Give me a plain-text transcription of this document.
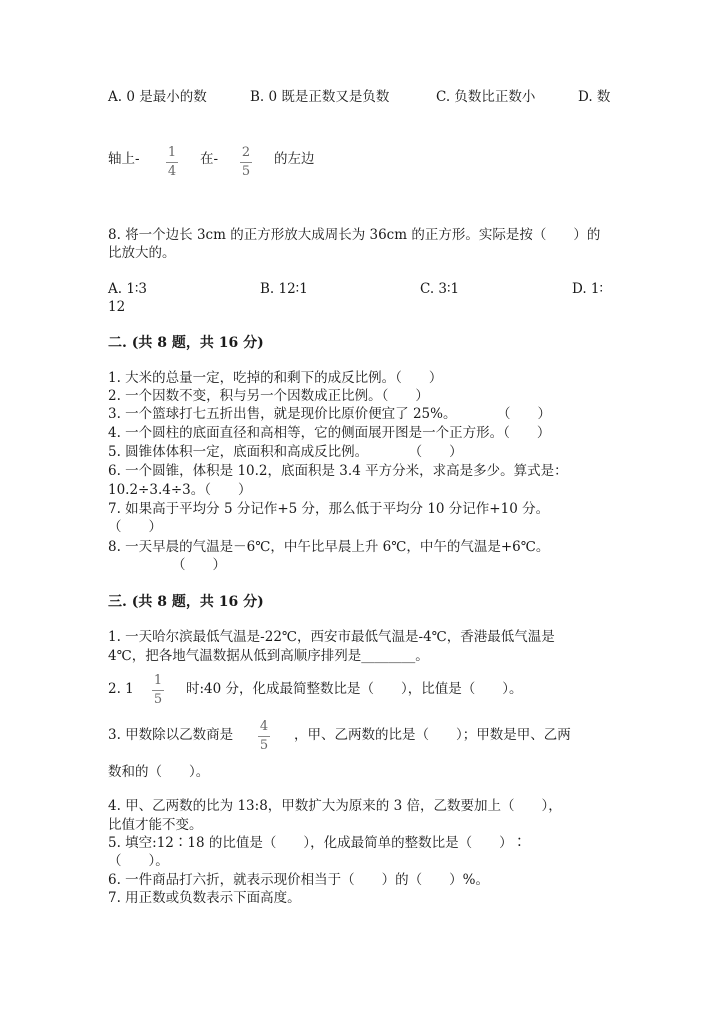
A. 0 是最小的数	B. 0 既是正数又是负数	C. 负数比正数小	D. 数
轴上- 1
4
在- 2
5
的左边
8. 将一个边长 3cm 的正方形放大成周长为 36cm 的正方形。实际是按（　　）的
比放大的。
A. 1∶3	B. 12∶1	C. 3∶1	D. 1∶
12
二. (共 8 题，共 16 分)
1. 大米的总量一定，吃掉的和剩下的成反比例。（　　）
2. 一个因数不变，积与另一个因数成正比例。（　　）
3. 一个篮球打七五折出售，就是现价比原价便宜了 25%。　　　　（　　）
4. 一个圆柱的底面直径和高相等，它的侧面展开图是一个正方形。（　　）
5. 圆锥体体积一定，底面积和高成反比例。　　　　（　　）
6. 一个圆锥，体积是 10.2，底面积是 3.4 平方分米，求高是多少。算式是：
10.2÷3.4÷3。（　　）
7. 如果高于平均分 5 分记作+5 分，那么低于平均分 10 分记作+10 分。
（　　）
8. 一天早晨的气温是－6℃，中午比早晨上升 6℃，中午的气温是+6℃。
（　　）
三. (共 8 题，共 16 分)
1. 一天哈尔滨最低气温是-22℃，西安市最低气温是-4℃，香港最低气温是
4℃，把各地气温数据从低到高顺序排列是________。
2. 1
1
5
时:40 分，化成最简整数比是（　　），比值是（　　）。
3. 甲数除以乙数商是
4
5
，甲、乙两数的比是（　　）；甲数是甲、乙两
数和的（　　）。
4. 甲、乙两数的比为 13:8，甲数扩大为原来的 3 倍，乙数要加上（　　），
比值才能不变。
5. 填空:12∶18 的比值是（　　），化成最简单的整数比是（　　）∶
（　　）。
6. 一件商品打六折，就表示现价相当于（　　）的（　　）%。
7. 用正数或负数表示下面高度。
